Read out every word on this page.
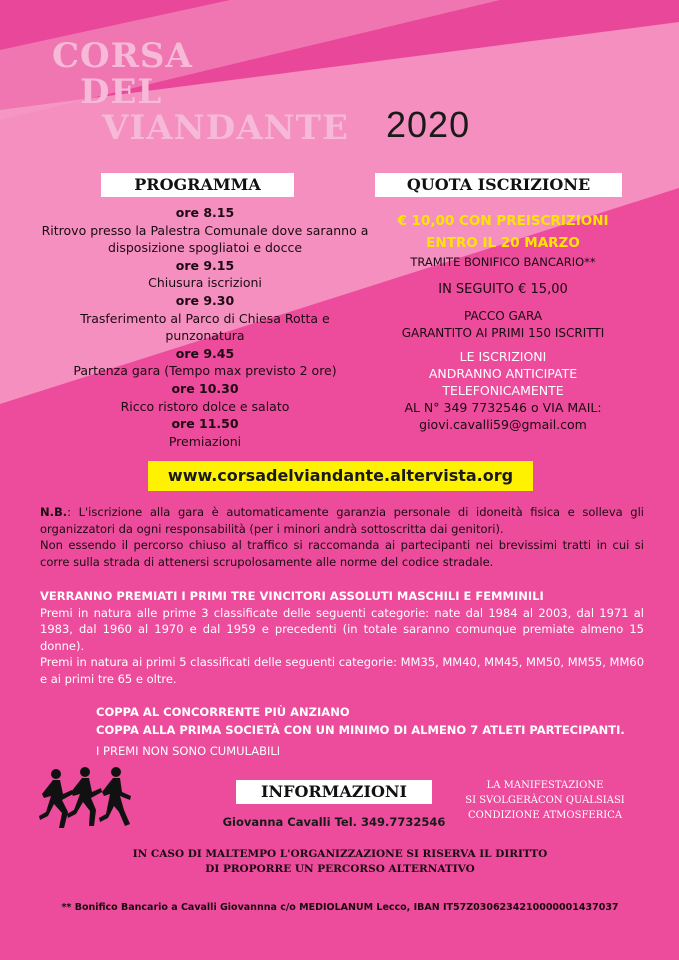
CORSA
DEL
VIANDANTE 2020
PROGRAMMA	QUOTA ISCRIZIONE
ore 8.15
Ritrovo presso la Palestra Comunale dove saranno a disposizione spogliatoi e docce
ore 9.15
Chiusura iscrizioni
ore 9.30
Trasferimento al Parco di Chiesa Rotta e punzonatura
ore 9.45
Partenza gara (Tempo max previsto 2 ore)
ore 10.30
Ricco ristoro dolce e salato
ore 11.50
Premiazioni
€ 10,00 CON PREISCRIZIONI
ENTRO IL 20 MARZO
TRAMITE BONIFICO BANCARIO**
IN SEGUITO € 15,00
PACCO GARA
GARANTITO AI PRIMI 150 ISCRITTI
LE ISCRIZIONI
ANDRANNO ANTICIPATE
TELEFONICAMENTE
AL N° 349 7732546 o VIA MAIL:
giovi.cavalli59@gmail.com
www.corsadelviandante.altervista.org
N.B.: L'iscrizione alla gara è automaticamente garanzia personale di idoneità fisica e solleva gli organizzatori da ogni responsabilità (per i minori andrà sottoscritta dai genitori).
Non essendo il percorso chiuso al traffico si raccomanda ai partecipanti nei brevissimi tratti in cui si corre sulla strada di attenersi scrupolosamente alle norme del codice stradale.
VERRANNO PREMIATI I PRIMI TRE VINCITORI ASSOLUTI MASCHILI E FEMMINILI
Premi in natura alle prime 3 classificate delle seguenti categorie: nate dal 1984 al 2003, dal 1971 al 1983, dal 1960 al 1970 e dal 1959 e precedenti (in totale saranno comunque premiate almeno 15 donne).
Premi in natura ai primi 5 classificati delle seguenti categorie: MM35, MM40, MM45, MM50, MM55, MM60 e ai primi tre 65 e oltre.
COPPA AL CONCORRENTE PIÙ ANZIANO
COPPA ALLA PRIMA SOCIETÀ CON UN MINIMO DI ALMENO 7 ATLETI PARTECIPANTI.
I PREMI NON SONO CUMULABILI
INFORMAZIONI
Giovanna Cavalli Tel. 349.7732546
LA MANIFESTAZIONE
SI SVOLGERÀCON QUALSIASI
CONDIZIONE ATMOSFERICA
IN CASO DI MALTEMPO L'ORGANIZZAZIONE SI RISERVA IL DIRITTO
DI PROPORRE UN PERCORSO ALTERNATIVO
** Bonifico Bancario a Cavalli Giovannna c/o MEDIOLANUM Lecco, IBAN IT57Z0306234210000001437037
